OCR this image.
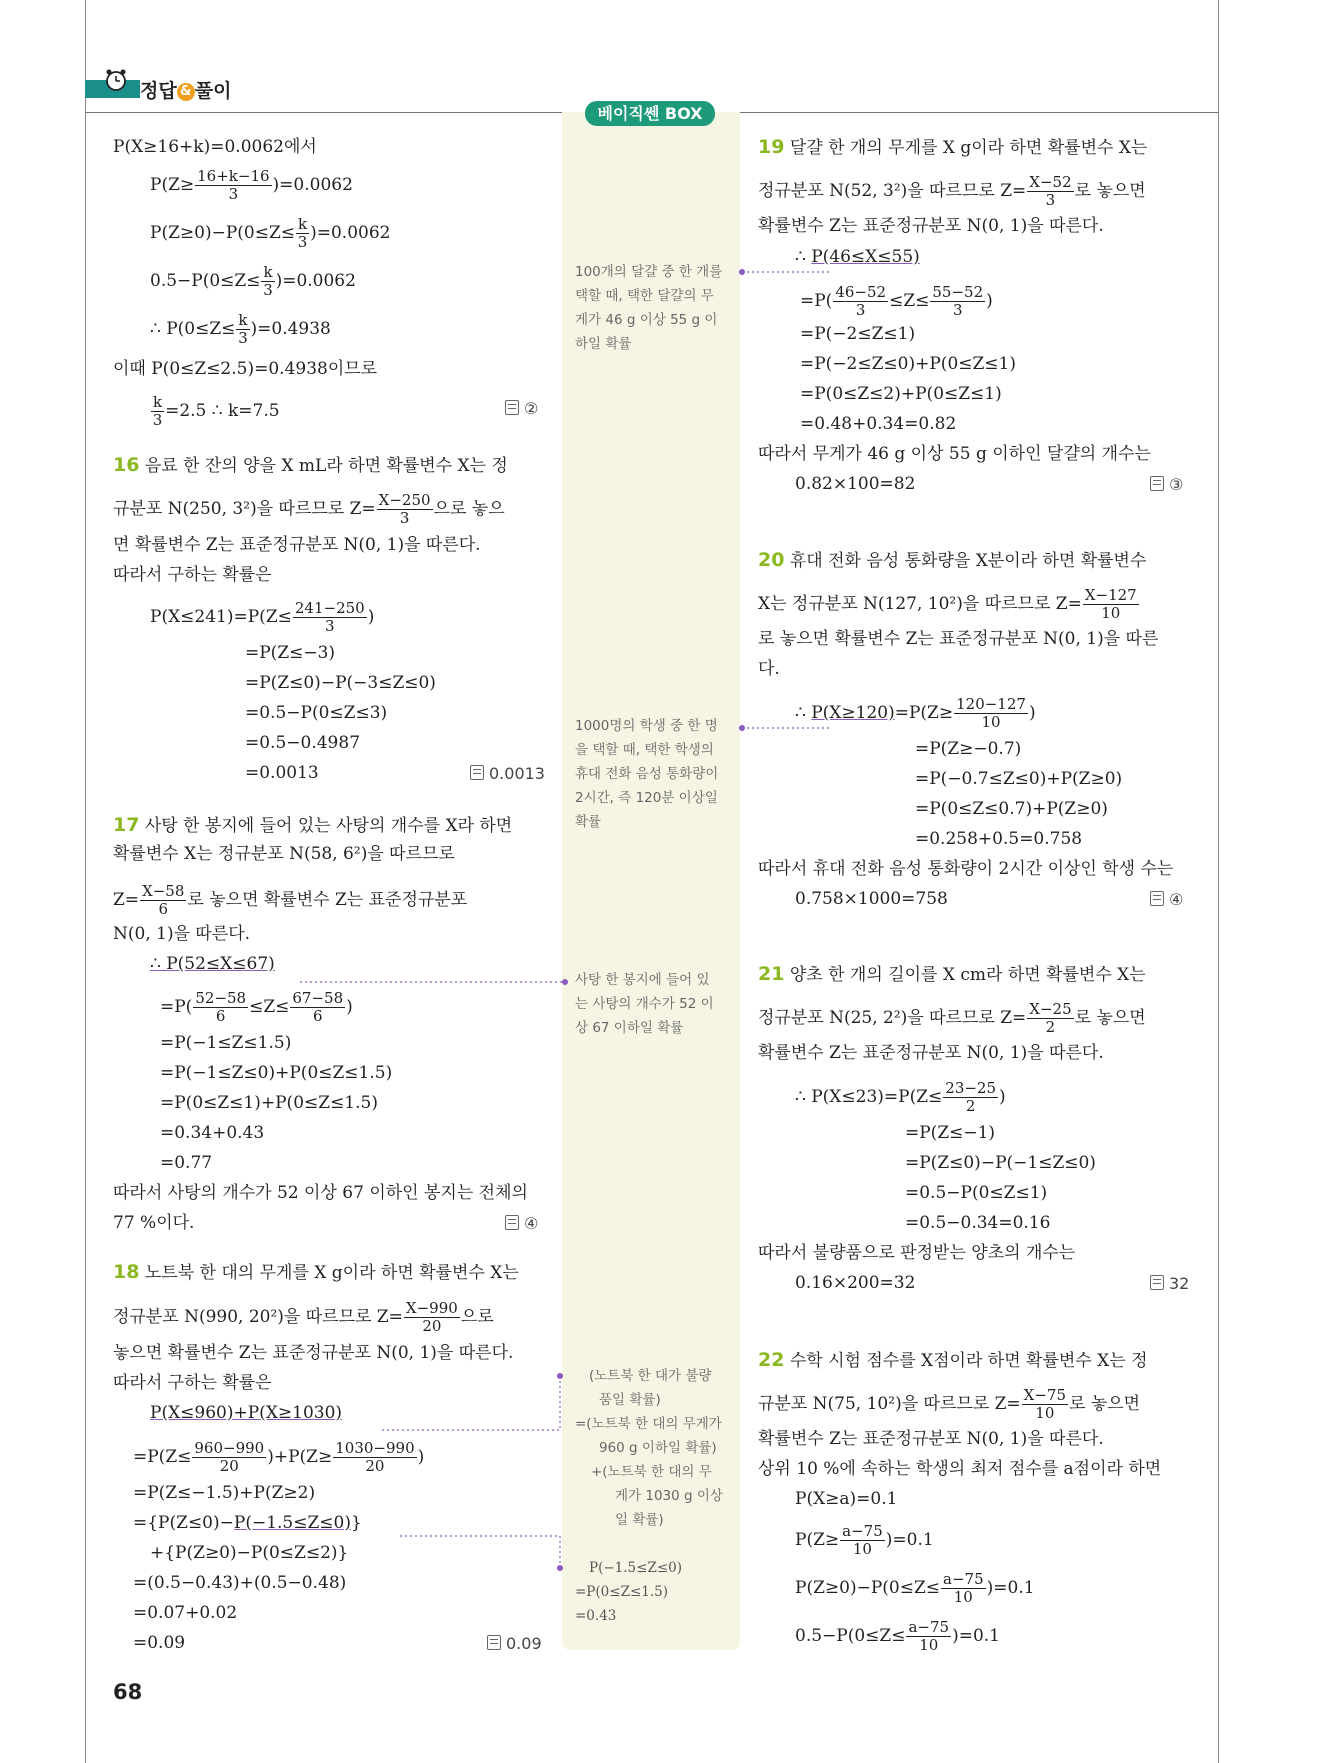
정답 & 풀이
베이직쎈 BOX
P(X≥16+k)=0.0062에서
$P(Z\ge \frac{16+k-16}{3} )=0.0062$
$P(Z\ge 0)-P(0\le Z\le \frac{k}{3} )=0.0062$
$0.5-P(0\le Z\le \frac{k}{3} )=0.0062$
∴ $P(0\le Z\le \frac{k}{3} )=0.4938$
이때 P(0≤Z≤2.5)=0.4938이므로
$\frac{k}{3} =2.5$ ∴ k=7.5	②
16 음료 한 잔의 양을 X mL라 하면 확률변수 X는 정
규분포 N(250, 3²)을 따르므로 $Z= \frac{X-250}{3}$ 으로 놓으
면 확률변수 Z는 표준정규분포 N(0, 1)을 따른다.
따라서 구하는 확률은
$P(X\le 241)=P(Z\le \frac{241-250}{3}$ )
=P(Z≤−3)
=P(Z≤0)−P(−3≤Z≤0)
=0.5−P(0≤Z≤3)
=0.5−0.4987
=0.0013	0.0013
17 사탕 한 봉지에 들어 있는 사탕의 개수를 X라 하면
확률변수 X는 정규분포 N(58, 6²)을 따르므로
$Z= \frac{X-58}{6}$ 로 놓으면 확률변수 Z는 표준정규분포
N(0, 1)을 따른다.
∴ P(52≤X≤67)
$=P( \frac{52-58}{6} \le Z\le \frac{67-58}{6}$ )
=P(−1≤Z≤1.5)
=P(−1≤Z≤0)+P(0≤Z≤1.5)
=P(0≤Z≤1)+P(0≤Z≤1.5)
=0.34+0.43
=0.77
따라서 사탕의 개수가 52 이상 67 이하인 봉지는 전체의
77 %이다.	④
18 노트북 한 대의 무게를 X g이라 하면 확률변수 X는
정규분포 N(990, 20²)을 따르므로 $Z= \frac{X-990}{20}$ 으로
놓으면 확률변수 Z는 표준정규분포 N(0, 1)을 따른다.
따라서 구하는 확률은
P(X≤960)+P(X≥1030)
$=P(Z\le \frac{960-990}{20} )+P(Z\ge \frac{1030-990}{20}$ )
=P(Z≤−1.5)+P(Z≥2)
={P(Z≤0)−P(−1.5≤Z≤0)}
+{P(Z≥0)−P(0≤Z≤2)}
=(0.5−0.43)+(0.5−0.48)
=0.07+0.02
=0.09	0.09
100개의 달걀 중 한 개를
택할 때, 택한 달걀의 무
게가 46 g 이상 55 g 이
하일 확률
1000명의 학생 중 한 명
을 택할 때, 택한 학생의
휴대 전화 음성 통화량이
2시간, 즉 120분 이상일
확률
사탕 한 봉지에 들어 있
는 사탕의 개수가 52 이
상 67 이하일 확률
(노트북 한 대가 불량
품일 확률)
=(노트북 한 대의 무게가
960 g 이하일 확률)
+(노트북 한 대의 무
게가 1030 g 이상
일 확률)
P(−1.5≤Z≤0)
=P(0≤Z≤1.5)
=0.43
19 달걀 한 개의 무게를 X g이라 하면 확률변수 X는
정규분포 N(52, 3²)을 따르므로 $Z= \frac{X-52}{3}$ 로 놓으면
확률변수 Z는 표준정규분포 N(0, 1)을 따른다.
∴ P(46≤X≤55)
$=P( \frac{46-52}{3} \le Z\le \frac{55-52}{3}$ )
=P(−2≤Z≤1)
=P(−2≤Z≤0)+P(0≤Z≤1)
=P(0≤Z≤2)+P(0≤Z≤1)
=0.48+0.34=0.82
따라서 무게가 46 g 이상 55 g 이하인 달걀의 개수는
0.82×100=82	③
20 휴대 전화 음성 통화량을 X분이라 하면 확률변수
X는 정규분포 N(127, 10²)을 따르므로 $Z= \frac{X-127}{10}$
로 놓으면 확률변수 Z는 표준정규분포 N(0, 1)을 따른
다.
∴ $P(X\ge 120)=P(Z\ge \frac{120-127}{10}$ )
=P(Z≥−0.7)
=P(−0.7≤Z≤0)+P(Z≥0)
=P(0≤Z≤0.7)+P(Z≥0)
=0.258+0.5=0.758
따라서 휴대 전화 음성 통화량이 2시간 이상인 학생 수는
0.758×1000=758	④
21 양초 한 개의 길이를 X cm라 하면 확률변수 X는
정규분포 N(25, 2²)을 따르므로 $Z= \frac{X-25}{2}$ 로 놓으면
확률변수 Z는 표준정규분포 N(0, 1)을 따른다.
∴ $P(X\le 23)=P(Z\le \frac{23-25}{2}$ )
=P(Z≤−1)
=P(Z≤0)−P(−1≤Z≤0)
=0.5−P(0≤Z≤1)
=0.5−0.34=0.16
따라서 불량품으로 판정받는 양초의 개수는
0.16×200=32	32
22 수학 시험 점수를 X점이라 하면 확률변수 X는 정
규분포 N(75, 10²)을 따르므로 $Z= \frac{X-75}{10}$ 로 놓으면
확률변수 Z는 표준정규분포 N(0, 1)을 따른다.
상위 10 %에 속하는 학생의 최저 점수를 a점이라 하면
P(X≥a)=0.1
$P(Z\ge \frac{a-75}{10} )=0.1$
$P(Z\ge 0)-P(0\le Z\le \frac{a-75}{10} )=0.1$
$0.5-P(0\le Z\le \frac{a-75}{10} )=0.1$
68
